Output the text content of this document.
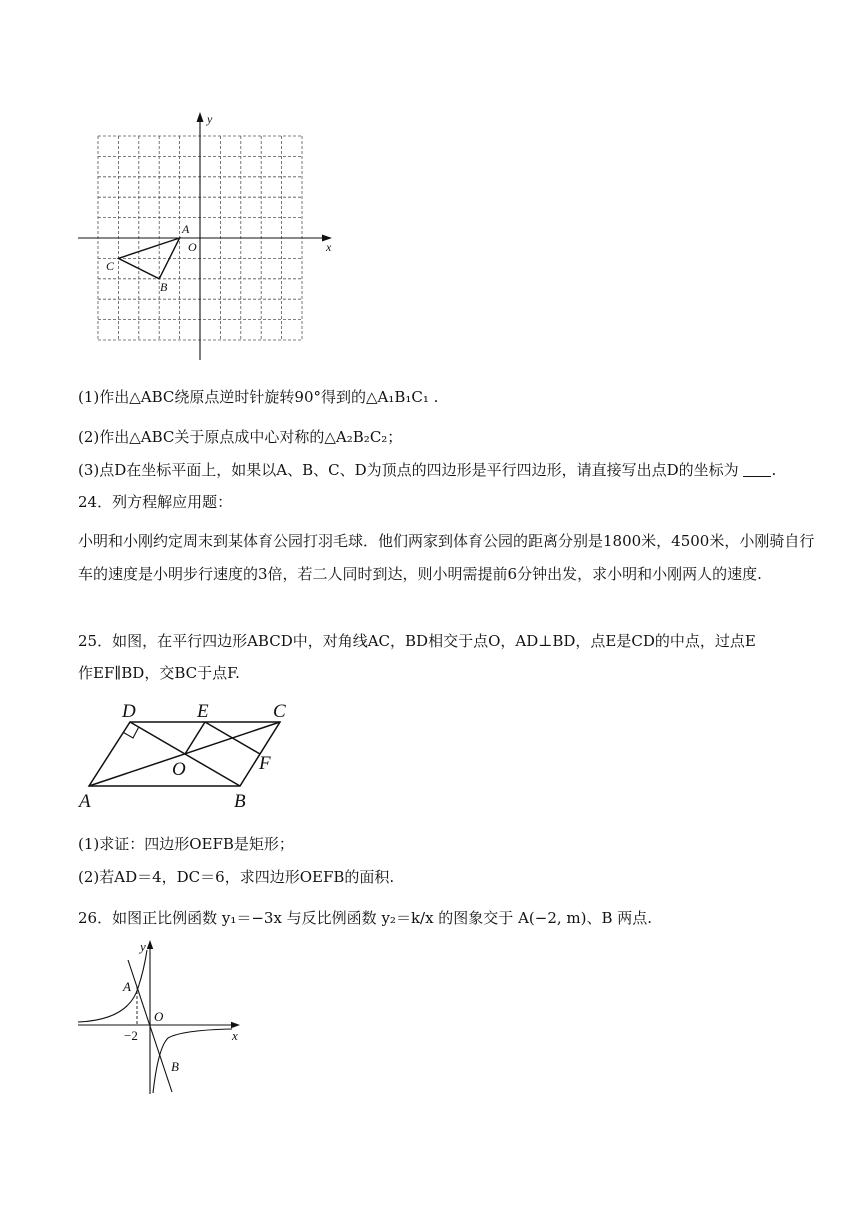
y
x
O
A
B
C
(1)作出△ABC绕原点逆时针旋转90°得到的△A₁B₁C₁ .
(2)作出△ABC关于原点成中心对称的△A₂B₂C₂；
(3)点D在坐标平面上，如果以A、B、C、D为顶点的四边形是平行四边形，请直接写出点D的坐标为 .
24．列方程解应用题：
小明和小刚约定周末到某体育公园打羽毛球．他们两家到体育公园的距离分别是1800米，4500米，小刚骑自行车的速度是小明步行速度的3倍，若二人同时到达，则小明需提前6分钟出发，求小明和小刚两人的速度.
25．如图，在平行四边形ABCD中，对角线AC，BD相交于点O，AD⊥BD，点E是CD的中点，过点E
作EF∥BD，交BC于点F.
D	E	C
O	F
A	B
(1)求证：四边形OEFB是矩形；
(2)若AD＝4，DC＝6，求四边形OEFB的面积.
26．如图正比例函数 y₁＝−3x 与反比例函数 y₂＝k/x 的图象交于 A(−2, m)、B 两点.
y
x
A
O
B
−2
